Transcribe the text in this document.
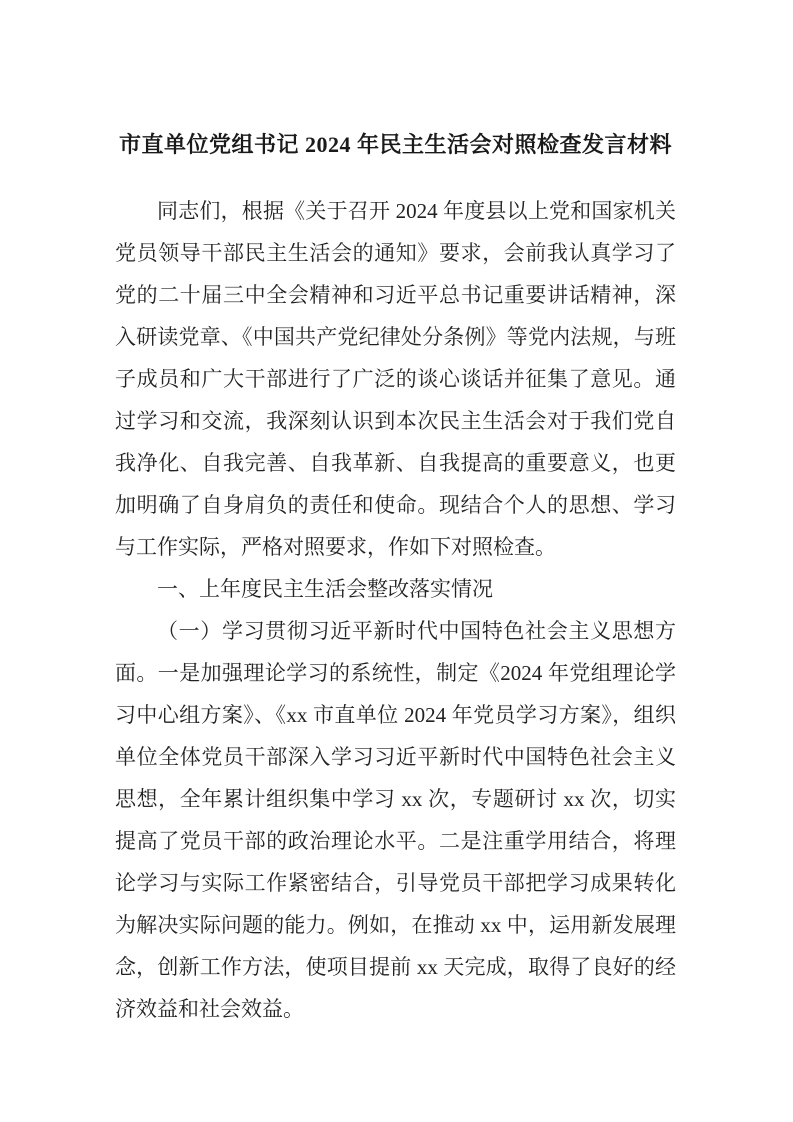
市直单位党组书记 2024 年民主生活会对照检查发言材料

同志们，根据《关于召开 2024 年度县以上党和国家机关党员领导干部民主生活会的通知》要求，会前我认真学习了党的二十届三中全会精神和习近平总书记重要讲话精神，深入研读党章、《中国共产党纪律处分条例》等党内法规，与班子成员和广大干部进行了广泛的谈心谈话并征集了意见。通过学习和交流，我深刻认识到本次民主生活会对于我们党自我净化、自我完善、自我革新、自我提高的重要意义，也更加明确了自身肩负的责任和使命。现结合个人的思想、学习与工作实际，严格对照要求，作如下对照检查。

一、上年度民主生活会整改落实情况

（一）学习贯彻习近平新时代中国特色社会主义思想方面。一是加强理论学习的系统性，制定《2024 年党组理论学习中心组方案》、《xx 市直单位 2024 年党员学习方案》，组织单位全体党员干部深入学习习近平新时代中国特色社会主义思想，全年累计组织集中学习 xx 次，专题研讨 xx 次，切实提高了党员干部的政治理论水平。二是注重学用结合，将理论学习与实际工作紧密结合，引导党员干部把学习成果转化为解决实际问题的能力。例如，在推动 xx 中，运用新发展理念，创新工作方法，使项目提前 xx 天完成，取得了良好的经济效益和社会效益。
